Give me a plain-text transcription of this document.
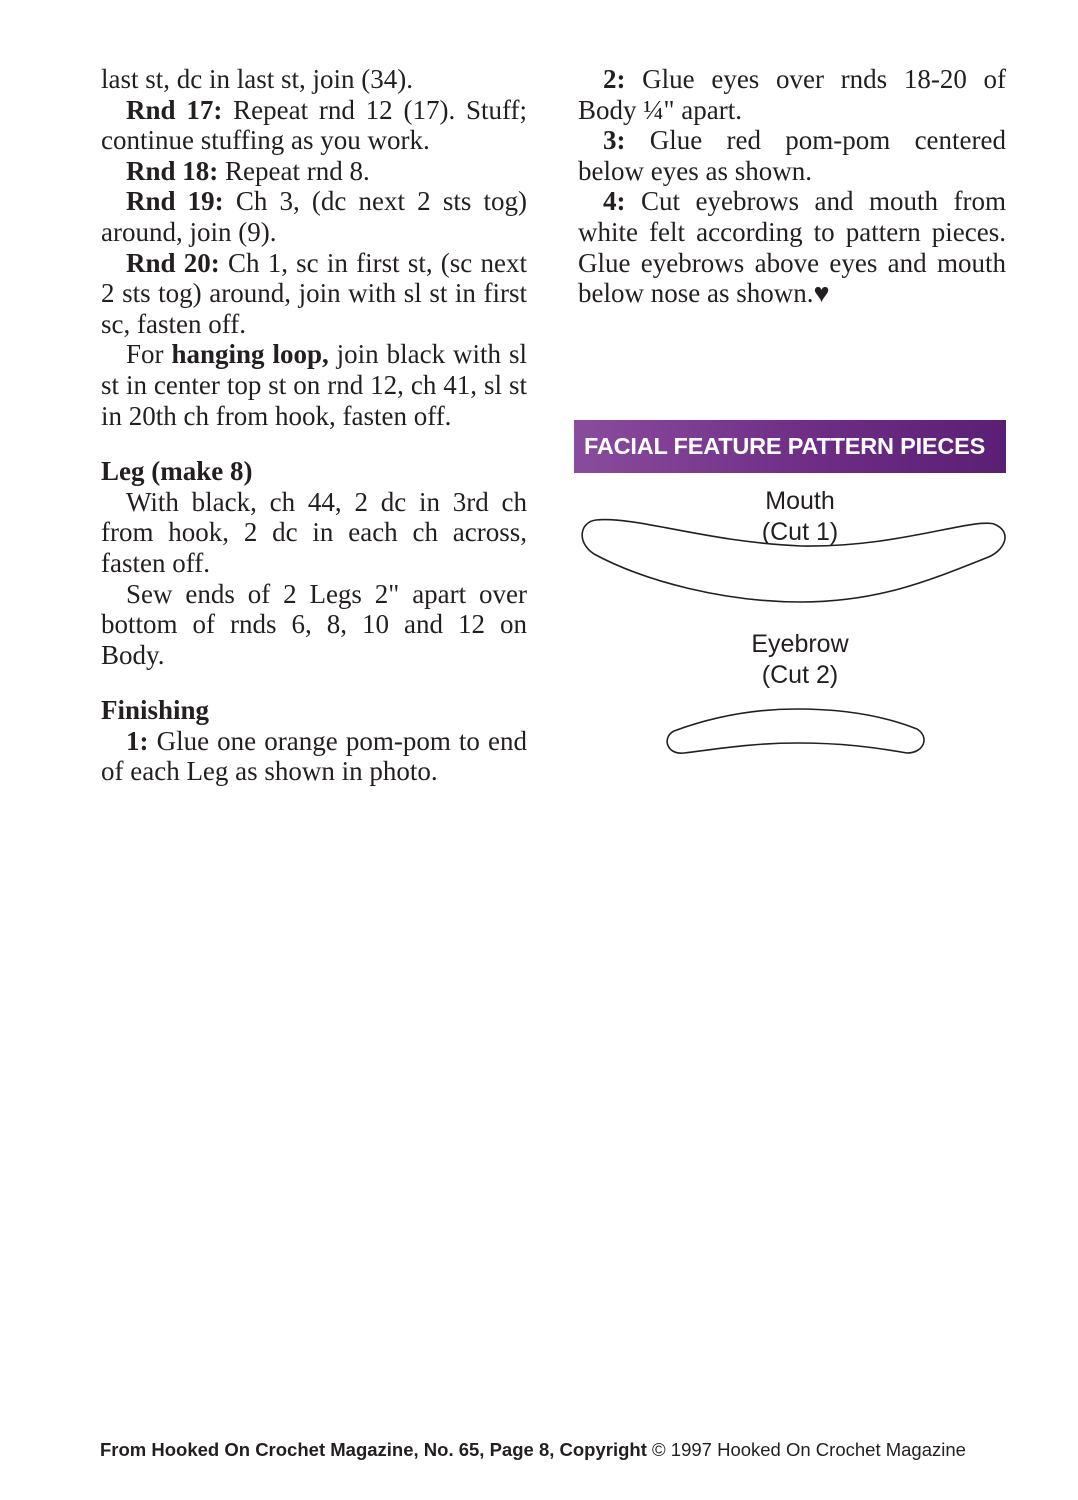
last st, dc in last st, join (34).

Rnd 17: Repeat rnd 12 (17). Stuff; continue stuffing as you work.

Rnd 18: Repeat rnd 8.

Rnd 19: Ch 3, (dc next 2 sts tog) around, join (9).

Rnd 20: Ch 1, sc in first st, (sc next 2 sts tog) around, join with sl st in first sc, fasten off.

For hanging loop, join black with sl st in center top st on rnd 12, ch 41, sl st in 20th ch from hook, fasten off.

Leg (make 8)

With black, ch 44, 2 dc in 3rd ch from hook, 2 dc in each ch across, fasten off.

Sew ends of 2 Legs 2" apart over bottom of rnds 6, 8, 10 and 12 on Body.

Finishing

1: Glue one orange pom-pom to end of each Leg as shown in photo.

2: Glue eyes over rnds 18-20 of Body ¼" apart.

3: Glue red pom-pom centered below eyes as shown.

4: Cut eyebrows and mouth from white felt according to pattern pieces. Glue eyebrows above eyes and mouth below nose as shown.♥

FACIAL FEATURE PATTERN PIECES
Mouth
(Cut 1)
Eyebrow
(Cut 2)
From Hooked On Crochet Magazine, No. 65, Page 8, Copyright © 1997 Hooked On Crochet Magazine
